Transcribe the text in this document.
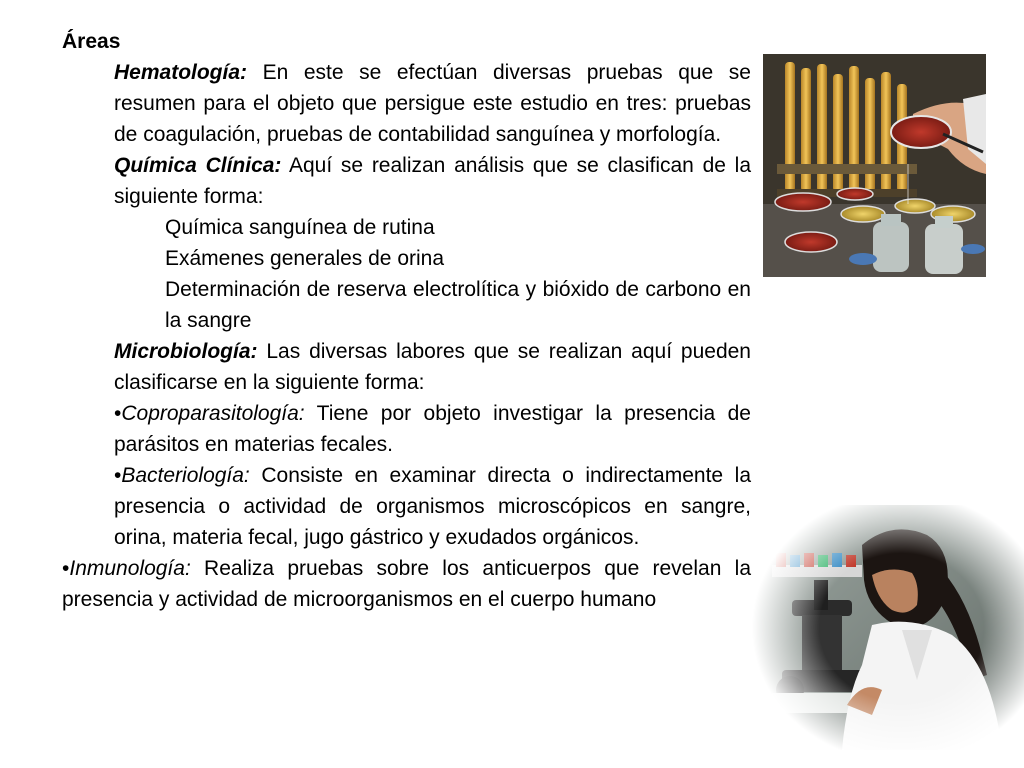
Áreas

Hematología: En este se efectúan diversas pruebas que se resumen para el objeto que persigue este estudio en tres: pruebas de coagulación, pruebas de contabilidad sanguínea y morfología.

Química Clínica: Aquí se realizan análisis que se clasifican de la siguiente forma:

Química sanguínea de rutina

Exámenes generales de orina

Determinación de reserva electrolítica y bióxido de carbono en la sangre

Microbiología: Las diversas labores que se realizan aquí pueden clasificarse en la siguiente forma:

•Coproparasitología: Tiene por objeto investigar la presencia de parásitos en materias fecales.

•Bacteriología: Consiste en examinar directa o indirectamente la presencia o actividad de organismos microscópicos en sangre, orina, materia fecal, jugo gástrico y exudados orgánicos.

•Inmunología: Realiza pruebas sobre los anticuerpos que revelan la presencia y actividad de microorganismos en el cuerpo humano
